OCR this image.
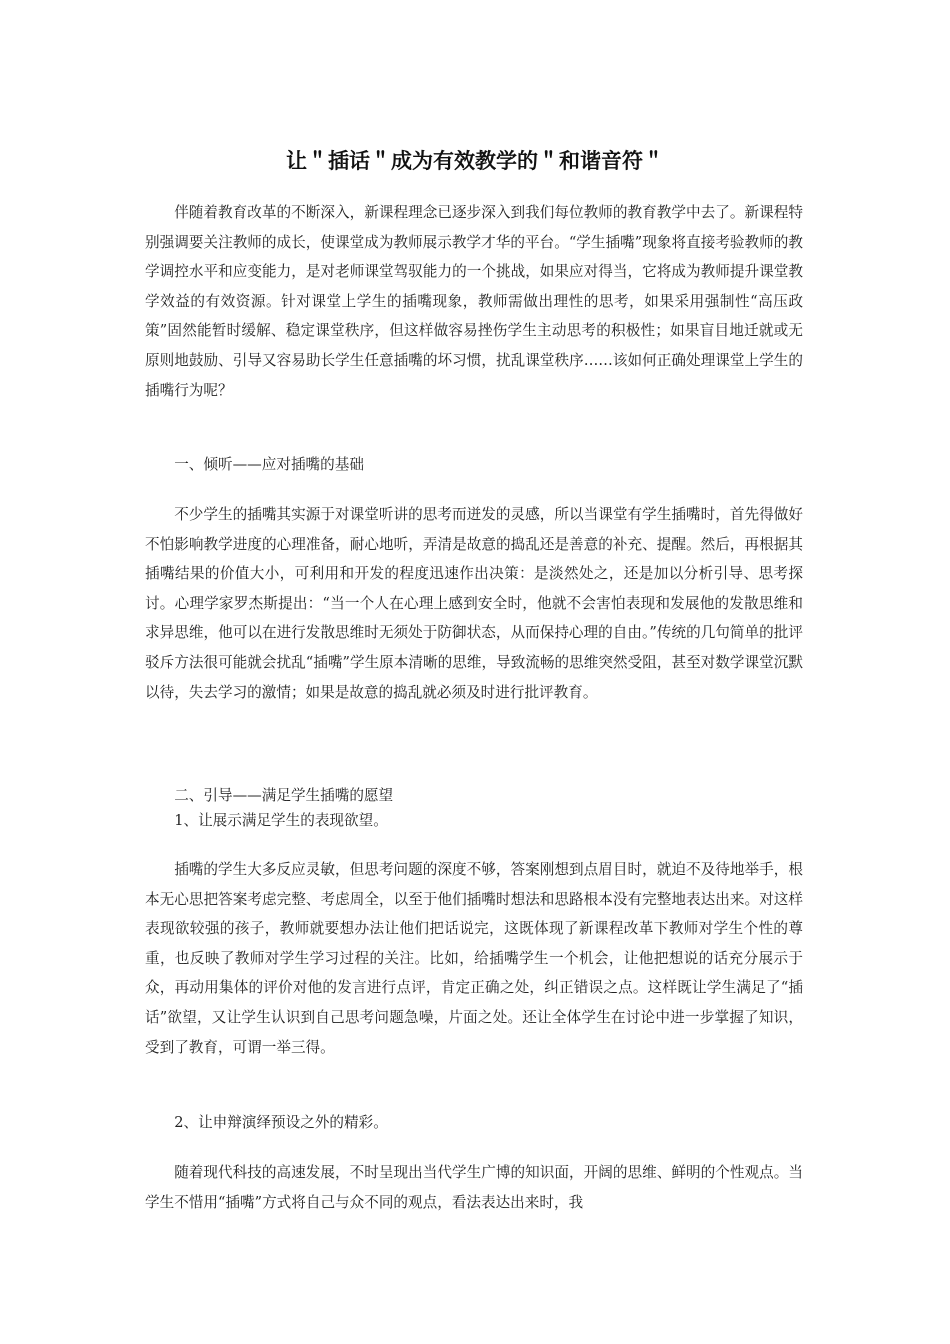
让＂插话＂成为有效教学的＂和谐音符＂

伴随着教育改革的不断深入，新课程理念已逐步深入到我们每位教师的教育教学中去了。新课程特别强调要关注教师的成长，使课堂成为教师展示教学才华的平台。“学生插嘴”现象将直接考验教师的教学调控水平和应变能力，是对老师课堂驾驭能力的一个挑战，如果应对得当，它将成为教师提升课堂教学效益的有效资源。针对课堂上学生的插嘴现象，教师需做出理性的思考，如果采用强制性“高压政策”固然能暂时缓解、稳定课堂秩序，但这样做容易挫伤学生主动思考的积极性；如果盲目地迁就或无原则地鼓励、引导又容易助长学生任意插嘴的坏习惯，扰乱课堂秩序……该如何正确处理课堂上学生的插嘴行为呢？

一、倾听——应对插嘴的基础

不少学生的插嘴其实源于对课堂听讲的思考而迸发的灵感，所以当课堂有学生插嘴时，首先得做好不怕影响教学进度的心理准备，耐心地听，弄清是故意的捣乱还是善意的补充、提醒。然后，再根据其插嘴结果的价值大小，可利用和开发的程度迅速作出决策：是淡然处之，还是加以分析引导、思考探讨。心理学家罗杰斯提出：“当一个人在心理上感到安全时，他就不会害怕表现和发展他的发散思维和求异思维，他可以在进行发散思维时无须处于防御状态，从而保持心理的自由。”传统的几句简单的批评驳斥方法很可能就会扰乱“插嘴”学生原本清晰的思维，导致流畅的思维突然受阻，甚至对数学课堂沉默以待，失去学习的激情；如果是故意的捣乱就必须及时进行批评教育。

二、引导——满足学生插嘴的愿望

1、让展示满足学生的表现欲望。

插嘴的学生大多反应灵敏，但思考问题的深度不够，答案刚想到点眉目时，就迫不及待地举手，根本无心思把答案考虑完整、考虑周全，以至于他们插嘴时想法和思路根本没有完整地表达出来。对这样表现欲较强的孩子，教师就要想办法让他们把话说完，这既体现了新课程改革下教师对学生个性的尊重，也反映了教师对学生学习过程的关注。比如，给插嘴学生一个机会，让他把想说的话充分展示于众，再动用集体的评价对他的发言进行点评，肯定正确之处，纠正错误之点。这样既让学生满足了“插话”欲望，又让学生认识到自己思考问题急噪，片面之处。还让全体学生在讨论中进一步掌握了知识，受到了教育，可谓一举三得。

2、让申辩演绎预设之外的精彩。

随着现代科技的高速发展，不时呈现出当代学生广博的知识面，开阔的思维、鲜明的个性观点。当学生不惜用“插嘴”方式将自己与众不同的观点，看法表达出来时，我
